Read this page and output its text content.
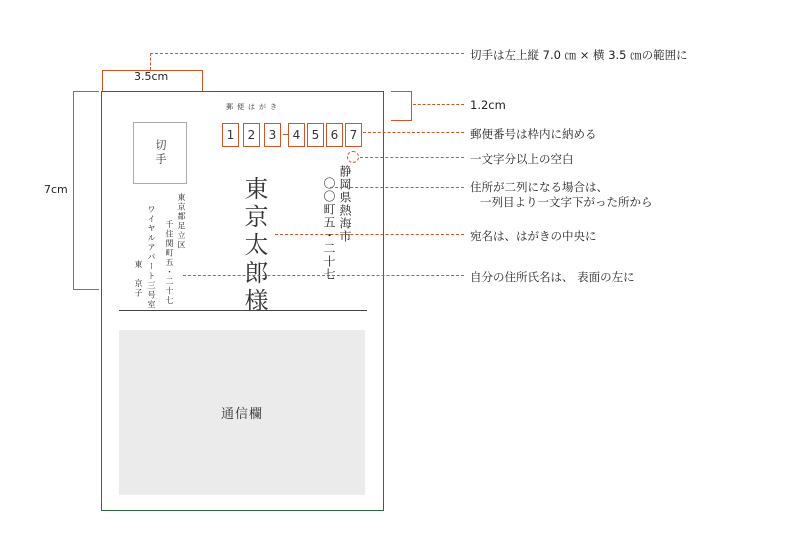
郵便はがき
切手
1 2 3 4 5 6 7
静岡県熱海市
〇〇町五・二十七
東京太郎様
東京都足立区
千住関町五・二十七
ワイヤルアパート三号室
東　京子
通信欄
3.5cm
7cm
切手は左上縦 7.0 ㎝ × 横 3.5 ㎝の範囲に
1.2cm
郵便番号は枠内に納める
一文字分以上の空白
住所が二列になる場合は、
一列目より一文字下がった所から
宛名は、はがきの中央に
自分の住所氏名は、 表面の左に
